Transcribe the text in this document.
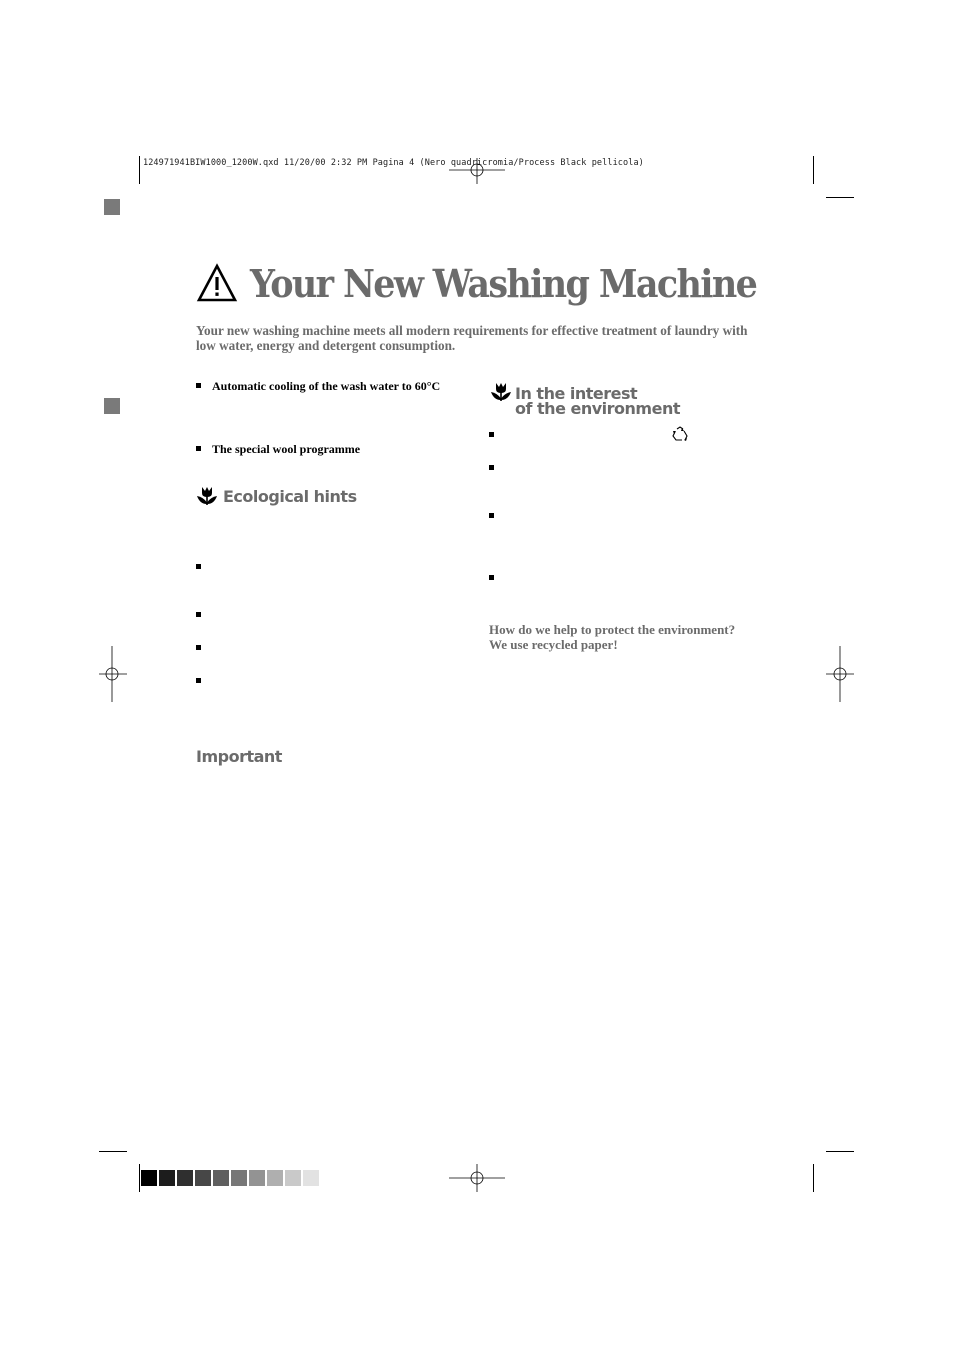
124971941BIW1000_1200W.qxd 11/20/00 2:32 PM Pagina 4 (Nero quadricromia/Process Black pellicola)
Your New Washing Machine
Your new washing machine meets all modern requirements for effective treatment of laundry with low water, energy and detergent consumption.
Automatic cooling of the wash water to 60°C
The special wool programme
Ecological hints
Important
In the interest
of the environment
How do we help to protect the environment?
We use recycled paper!
